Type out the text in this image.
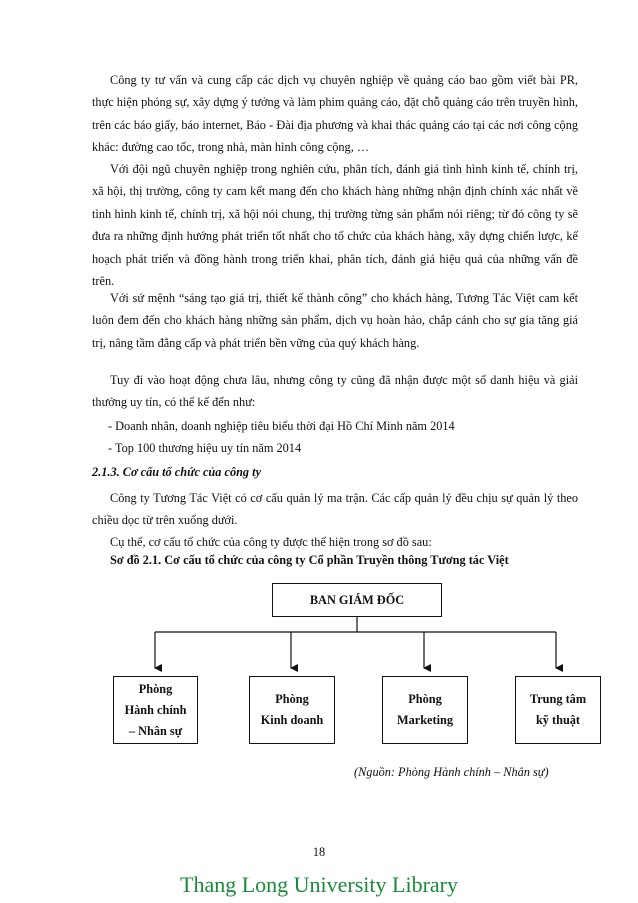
Công ty tư vấn và cung cấp các dịch vụ chuyên nghiệp về quảng cáo bao gồm viết bài PR, thực hiện phóng sự, xây dựng ý tưởng và làm phim quảng cáo, đặt chỗ quảng cáo trên truyền hình, trên các báo giấy, báo internet, Báo - Đài địa phương và khai thác quảng cáo tại các nơi công cộng khác: đường cao tốc, trong nhà, màn hình công cộng, …

Với đội ngũ chuyên nghiệp trong nghiên cứu, phân tích, đánh giá tình hình kinh tế, chính trị, xã hội, thị trường, công ty cam kết mang đến cho khách hàng những nhận định chính xác nhất về tình hình kinh tế, chính trị, xã hội nói chung, thị trường từng sản phẩm nói riêng; từ đó công ty sẽ đưa ra những định hướng phát triển tốt nhất cho tổ chức của khách hàng, xây dựng chiến lược, kế hoạch phát triển và đồng hành trong triển khai, phân tích, đánh giá hiệu quả của những vấn đề trên.

Với sứ mệnh “sáng tạo giá trị, thiết kế thành công” cho khách hàng, Tương Tác Việt cam kết luôn đem đến cho khách hàng những sản phẩm, dịch vụ hoàn hảo, chắp cánh cho sự gia tăng giá trị, nâng tầm đẳng cấp và phát triển bền vững của quý khách hàng.

Tuy đi vào hoạt động chưa lâu, nhưng công ty cũng đã nhận được một số danh hiệu và giải thưởng uy tín, có thể kể đến như:

- Doanh nhân, doanh nghiệp tiêu biểu thời đại Hồ Chí Minh năm 2014
- Top 100 thương hiệu uy tín năm 2014
2.1.3. Cơ cấu tổ chức của công ty

Công ty Tương Tác Việt có cơ cấu quản lý ma trận. Các cấp quản lý đều chịu sự quản lý theo chiều dọc từ trên xuống dưới.

Cụ thể, cơ cấu tổ chức của công ty được thể hiện trong sơ đồ sau:

Sơ đồ 2.1. Cơ cấu tổ chức của công ty Cổ phần Truyền thông Tương tác Việt
BAN GIÁM ĐỐC
Phòng
Hành chính
– Nhân sự
Phòng
Kinh doanh
Phòng
Marketing
Trung tâm
kỹ thuật
(Nguồn: Phòng Hành chính – Nhân sự)
18
Thang Long University Library
